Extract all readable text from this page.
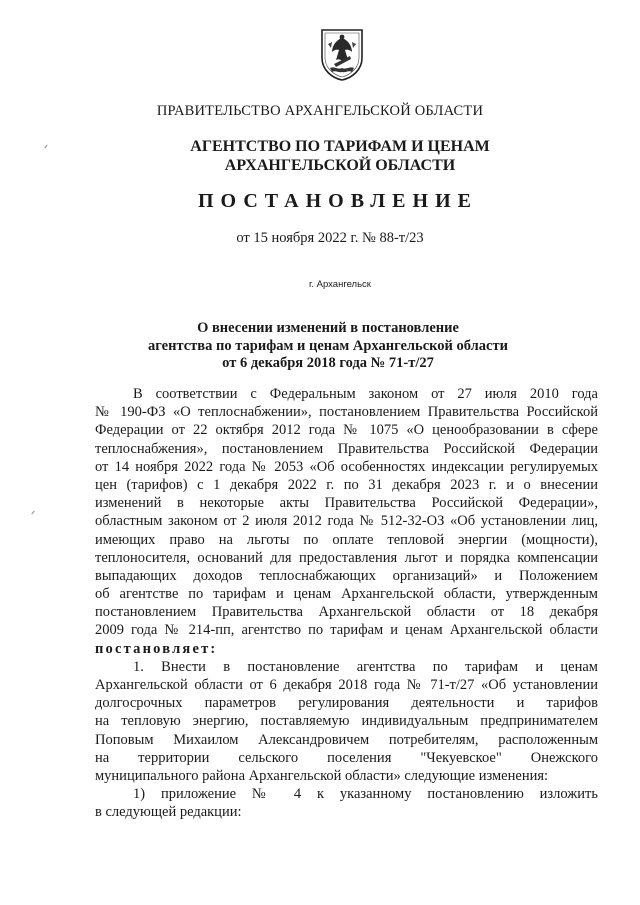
ПРАВИТЕЛЬСТВО АРХАНГЕЛЬСКОЙ ОБЛАСТИ
АГЕНТСТВО ПО ТАРИФАМ И ЦЕНАМ
АРХАНГЕЛЬСКОЙ ОБЛАСТИ
ПОСТАНОВЛЕНИЕ
от 15 ноября 2022 г. № 88-т/23
г. Архангельск
О внесении изменений в постановление
агентства по тарифам и ценам Архангельской области
от 6 декабря 2018 года № 71-т/27
В соответствии с Федеральным законом от 27 июля 2010 года
№ 190-ФЗ «О теплоснабжении», постановлением Правительства Российской
Федерации от 22 октября 2012 года № 1075 «О ценообразовании в сфере
теплоснабжения», постановлением Правительства Российской Федерации
от 14 ноября 2022 года № 2053 «Об особенностях индексации регулируемых
цен (тарифов) с 1 декабря 2022 г. по 31 декабря 2023 г. и о внесении
изменений в некоторые акты Правительства Российской Федерации»,
областным законом от 2 июля 2012 года № 512-32-ОЗ «Об установлении лиц,
имеющих право на льготы по оплате тепловой энергии (мощности),
теплоносителя, оснований для предоставления льгот и порядка компенсации
выпадающих доходов теплоснабжающих организаций» и Положением
об агентстве по тарифам и ценам Архангельской области, утвержденным
постановлением Правительства Архангельской области от 18 декабря
2009 года № 214-пп, агентство по тарифам и ценам Архангельской области
постановляет:
1. Внести в постановление агентства по тарифам и ценам
Архангельской области от 6 декабря 2018 года № 71-т/27 «Об установлении
долгосрочных параметров регулирования деятельности и тарифов
на тепловую энергию, поставляемую индивидуальным предпринимателем
Поповым Михаилом Александровичем потребителям, расположенным
на территории сельского поселения "Чекуевское" Онежского
муниципального района Архангельской области» следующие изменения:
1) приложение № 4 к указанному постановлению изложить
в следующей редакции:
